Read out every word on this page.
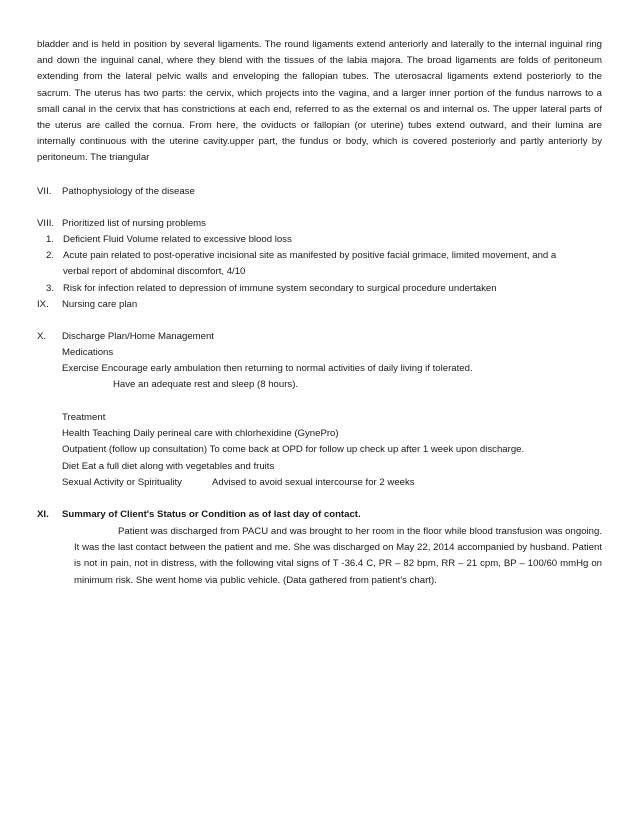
bladder and is held in position by several ligaments. The round ligaments extend anteriorly and laterally to the internal inguinal ring and down the inguinal canal, where they blend with the tissues of the labia majora. The broad ligaments are folds of peritoneum extending from the lateral pelvic walls and enveloping the fallopian tubes. The uterosacral ligaments extend posteriorly to the sacrum. The uterus has two parts: the cervix, which projects into the vagina, and a larger inner portion of the fundus narrows to a small canal in the cervix that has constrictions at each end, referred to as the external os and internal os. The upper lateral parts of the uterus are called the cornua. From here, the oviducts or fallopian (or uterine) tubes extend outward, and their lumina are internally continuous with the uterine cavity.upper part, the fundus or body, which is covered posteriorly and partly anteriorly by peritoneum. The triangular

VII. Pathophysiology of the disease
VIII. Prioritized list of nursing problems
1. Deficient Fluid Volume related to excessive blood loss
2. Acute pain related to post-operative incisional site as manifested by positive facial grimace, limited movement, and a verbal report of abdominal discomfort, 4/10
3. Risk for infection related to depression of immune system secondary to surgical procedure undertaken
IX. Nursing care plan
X. Discharge Plan/Home Management
Medications
Exercise Encourage early ambulation then returning to normal activities of daily living if tolerated.
Have an adequate rest and sleep (8 hours).
Treatment
Health Teaching Daily perineal care with chlorhexidine (GynePro)
Outpatient (follow up consultation) To come back at OPD for follow up check up after 1 week upon discharge.
Diet Eat a full diet along with vegetables and fruits
Sexual Activity or Spirituality	Advised to avoid sexual intercourse for 2 weeks
XI. Summary of Client's Status or Condition as of last day of contact.

Patient was discharged from PACU and was brought to her room in the floor while blood transfusion was ongoing. It was the last contact between the patient and me. She was discharged on May 22, 2014 accompanied by husband. Patient is not in pain, not in distress, with the following vital signs of T -36.4 C, PR – 82 bpm, RR – 21 cpm, BP – 100/60 mmHg on minimum risk. She went home via public vehicle. (Data gathered from patient's chart).
